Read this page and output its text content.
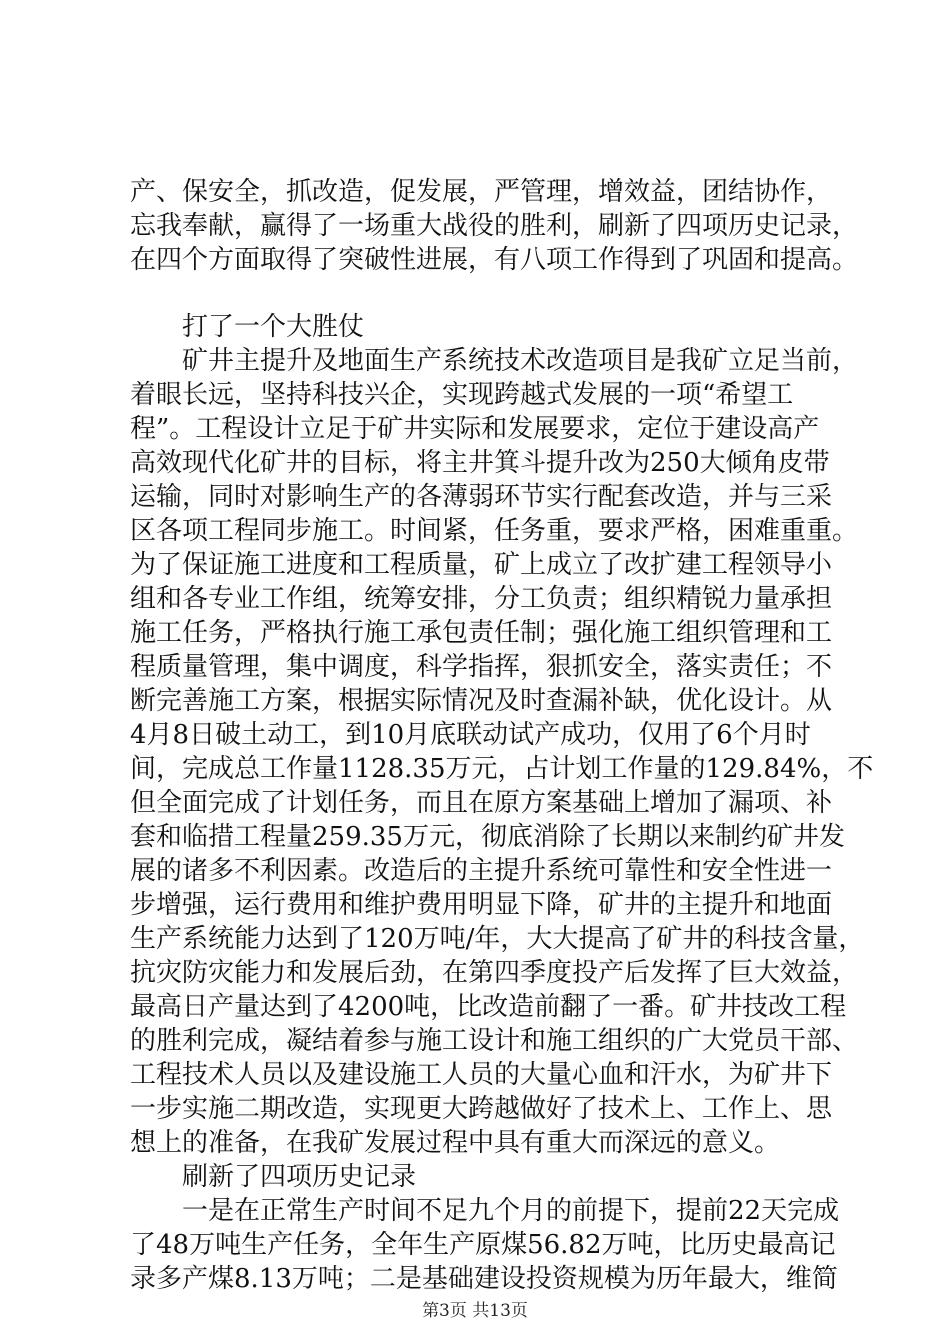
产、保安全，抓改造，促发展，严管理，增效益，团结协作，
忘我奉献，赢得了一场重大战役的胜利，刷新了四项历史记录，
在四个方面取得了突破性进展，有八项工作得到了巩固和提高。
打了一个大胜仗
矿井主提升及地面生产系统技术改造项目是我矿立足当前，
着眼长远，坚持科技兴企，实现跨越式发展的一项“希望工
程”。工程设计立足于矿井实际和发展要求，定位于建设高产
高效现代化矿井的目标，将主井箕斗提升改为250大倾角皮带
运输，同时对影响生产的各薄弱环节实行配套改造，并与三采
区各项工程同步施工。时间紧，任务重，要求严格，困难重重。
为了保证施工进度和工程质量，矿上成立了改扩建工程领导小
组和各专业工作组，统筹安排，分工负责；组织精锐力量承担
施工任务，严格执行施工承包责任制；强化施工组织管理和工
程质量管理，集中调度，科学指挥，狠抓安全，落实责任；不
断完善施工方案，根据实际情况及时查漏补缺，优化设计。从
4月8日破土动工，到10月底联动试产成功，仅用了6个月时
间，完成总工作量1128.35万元，占计划工作量的129.84%，不
但全面完成了计划任务，而且在原方案基础上增加了漏项、补
套和临措工程量259.35万元，彻底消除了长期以来制约矿井发
展的诸多不利因素。改造后的主提升系统可靠性和安全性进一
步增强，运行费用和维护费用明显下降，矿井的主提升和地面
生产系统能力达到了120万吨/年，大大提高了矿井的科技含量，
抗灾防灾能力和发展后劲，在第四季度投产后发挥了巨大效益，
最高日产量达到了4200吨，比改造前翻了一番。矿井技改工程
的胜利完成，凝结着参与施工设计和施工组织的广大党员干部、
工程技术人员以及建设施工人员的大量心血和汗水，为矿井下
一步实施二期改造，实现更大跨越做好了技术上、工作上、思
想上的准备，在我矿发展过程中具有重大而深远的意义。
刷新了四项历史记录
一是在正常生产时间不足九个月的前提下，提前22天完成
了48万吨生产任务，全年生产原煤56.82万吨，比历史最高记
录多产煤8.13万吨；二是基础建设投资规模为历年最大，维简
第3页 共13页
